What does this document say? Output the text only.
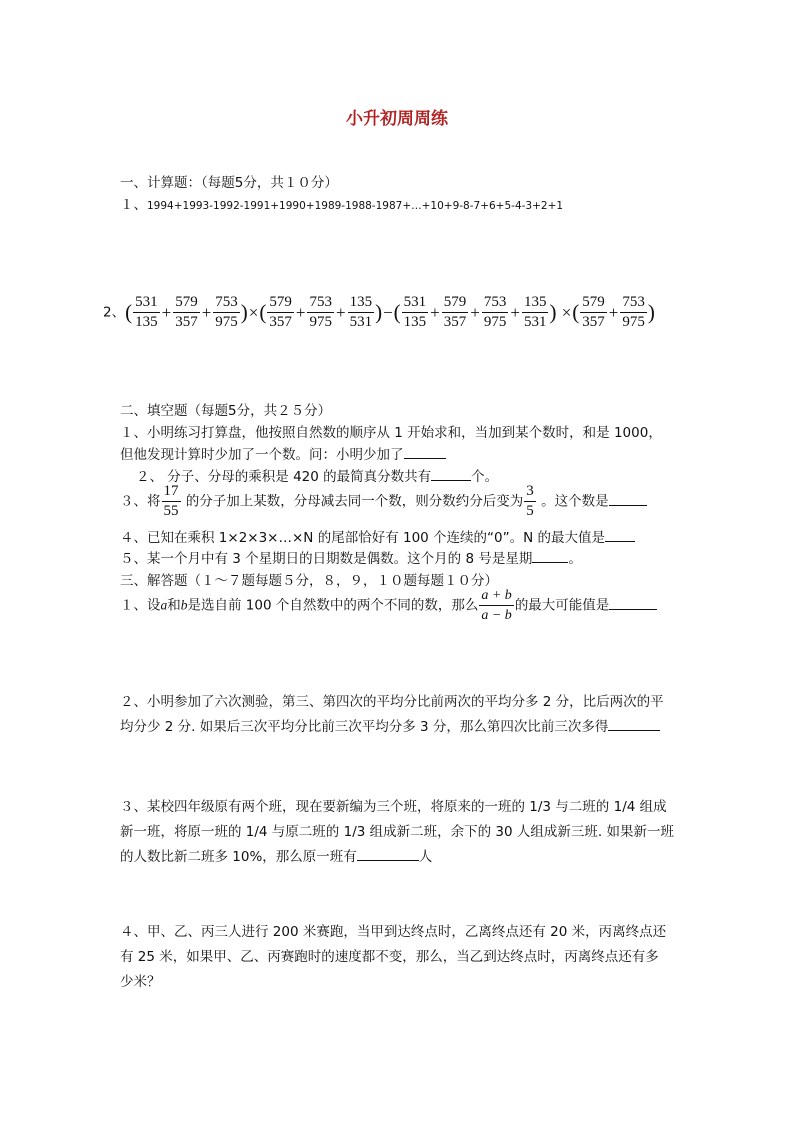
小升初周周练
一、计算题：（每题5分，共１０分）
１、1994+1993-1992-1991+1990+1989-1988-1987+…+10+9-8-7+6+5-4-3+2+1
2、( $\frac{531}{135} + \frac{579}{357} + \frac{753}{975}$ )×( $\frac{579}{357} + \frac{753}{975} + \frac{135}{531}$ )−( $\frac{531}{135} + \frac{579}{357} + \frac{753}{975} + \frac{135}{531}$ ) ×( $\frac{579}{357} + \frac{753}{975}$ )
二、填空题（每题5分，共２５分）
１、小明练习打算盘，他按照自然数的顺序从 1 开始求和，当加到某个数时，和是 1000，
但他发现计算时少加了一个数。问：小明少加了
２、 分子、分母的乘积是 420 的最简真分数共有	个。
３、将 $\frac{17}{55}$ 的分子加上某数，分母减去同一个数，则分数约分后变为 $\frac{3}{5}$ 。这个数是
４、已知在乘积 1×2×3×…×N 的尾部恰好有 100 个连续的“0”。N 的最大值是
５、某一个月中有 3 个星期日的日期数是偶数。这个月的 8 号是星期	。
三、解答题（１～７题每题５分，８，９，１０题每题１０分）
１、设a和b是选自前 100 个自然数中的两个不同的数，那么 $\frac{a + b}{a - b}$ 的最大可能值是
２、小明参加了六次测验，第三、第四次的平均分比前两次的平均分多 2 分，比后两次的平
均分少 2 分. 如果后三次平均分比前三次平均分多 3 分，那么第四次比前三次多得
３、某校四年级原有两个班，现在要新编为三个班，将原来的一班的 1/3 与二班的 1/4 组成
新一班，将原一班的 1/4 与原二班的 1/3 组成新二班，余下的 30 人组成新三班. 如果新一班
的人数比新二班多 10%，那么原一班有	人
４、甲、乙、丙三人进行 200 米赛跑，当甲到达终点时，乙离终点还有 20 米，丙离终点还
有 25 米，如果甲、乙、丙赛跑时的速度都不变，那么，当乙到达终点时，丙离终点还有多
少米？
